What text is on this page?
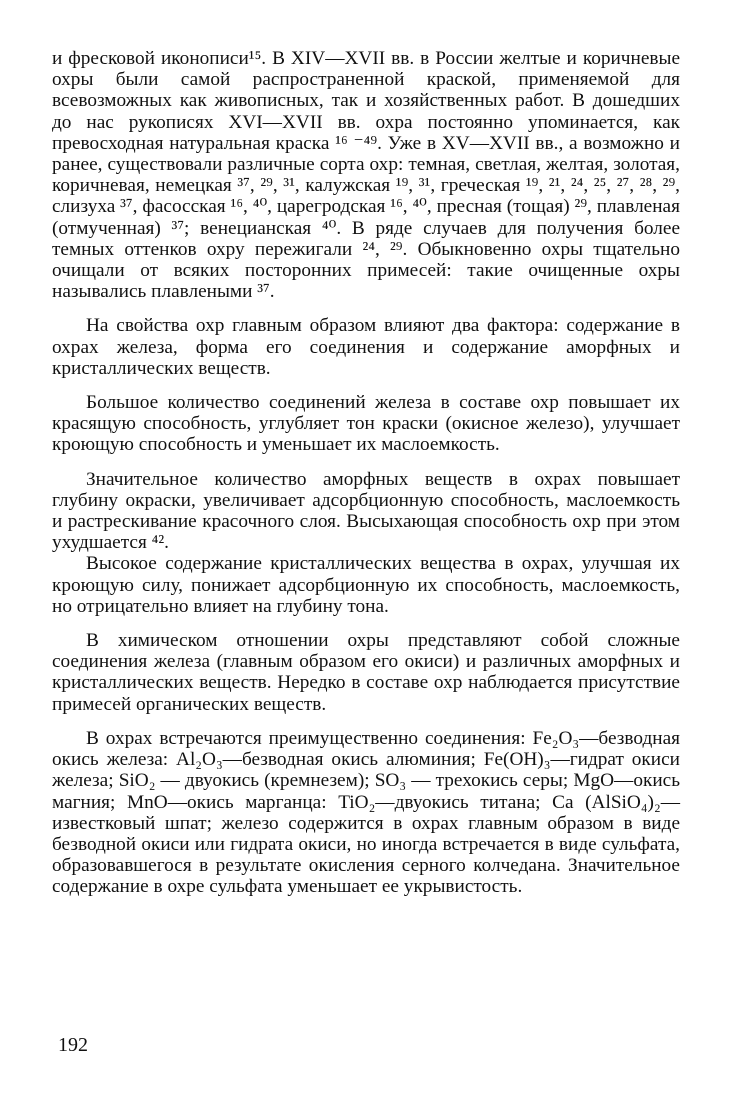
и фресковой иконописи¹⁵. В XIV—XVII вв. в России желтые и коричневые охры были самой распространенной краской, применяемой для всевозможных как живописных, так и хозяйственных работ. В дошедших до нас рукописях XVI—XVII вв. охра постоянно упоминается, как превосходная натуральная краска ¹⁶ ⁻⁴⁹. Уже в XV—XVII вв., а возможно и ранее, существовали различные сорта охр: темная, светлая, желтая, золотая, коричневая, немецкая ³⁷, ²⁹, ³¹, калужская ¹⁹, ³¹, греческая ¹⁹, ²¹, ²⁴, ²⁵, ²⁷, ²⁸, ²⁹, слизуха ³⁷, фасосская ¹⁶, ⁴⁰, царегродская ¹⁶, ⁴⁰, пресная (тощая) ²⁹, плавленая (отмученная) ³⁷; венецианская ⁴⁰. В ряде случаев для получения более темных оттенков охру пережигали ²⁴, ²⁹. Обыкновенно охры тщательно очищали от всяких посторонних примесей: такие очищенные охры назывались плавлеными ³⁷.

На свойства охр главным образом влияют два фактора: содержание в охрах железа, форма его соединения и содержание аморфных и кристаллических веществ.

Большое количество соединений железа в составе охр повышает их красящую способность, углубляет тон краски (окисное железо), улучшает кроющую способность и уменьшает их маслоемкость.

Значительное количество аморфных веществ в охрах повышает глубину окраски, увеличивает адсорбционную способность, маслоемкость и растрескивание красочного слоя. Высыхающая способность охр при этом ухудшается ⁴².

Высокое содержание кристаллических вещества в охрах, улучшая их кроющую силу, понижает адсорбционную их способность, маслоемкость, но отрицательно влияет на глубину тона.

В химическом отношении охры представляют собой сложные соединения железа (главным образом его окиси) и различных аморфных и кристаллических веществ. Нередко в составе охр наблюдается присутствие примесей органических веществ.

В охрах встречаются преимущественно соединения: Fe₂O₃—безводная окись железа: Al₂O₃—безводная окись алюминия; Fe(OH)₃—гидрат окиси железа; SiO₂ — двуокись (кремнезем); SO₃ — трехокись серы; MgO—окись магния; MnO—окись марганца: TiO₂—двуокись титана; Ca (AlSiO₄)₂— известковый шпат; железо содержится в охрах главным образом в виде безводной окиси или гидрата окиси, но иногда встречается в виде сульфата, образовавшегося в результате окисления серного колчедана. Значительное содержание в охре сульфата уменьшает ее укрывистость.

192
